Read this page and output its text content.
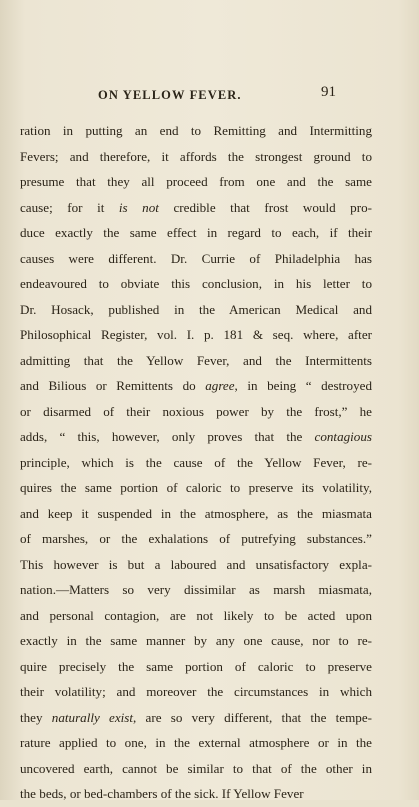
ON YELLOW FEVER.	91
ration in putting an end to Remitting and Intermitting
Fevers; and therefore, it affords the strongest ground to
presume that they all proceed from one and the same
cause; for it is not credible that frost would pro-
duce exactly the same effect in regard to each, if their
causes were different. Dr. Currie of Philadelphia has
endeavoured to obviate this conclusion, in his letter to
Dr. Hosack, published in the American Medical and
Philosophical Register, vol. I. p. 181 & seq. where, after
admitting that the Yellow Fever, and the Intermittents
and Bilious or Remittents do agree, in being “ destroyed
or disarmed of their noxious power by the frost,” he
adds, “ this, however, only proves that the contagious
principle, which is the cause of the Yellow Fever, re-
quires the same portion of caloric to preserve its volatility,
and keep it suspended in the atmosphere, as the miasmata
of marshes, or the exhalations of putrefying substances.”
This however is but a laboured and unsatisfactory expla-
nation.—Matters so very dissimilar as marsh miasmata,
and personal contagion, are not likely to be acted upon
exactly in the same manner by any one cause, nor to re-
quire precisely the same portion of caloric to preserve
their volatility; and moreover the circumstances in which
they naturally exist, are so very different, that the tempe-
rature applied to one, in the external atmosphere or in the
uncovered earth, cannot be similar to that of the other in
the beds, or bed-chambers of the sick. If Yellow Fever
